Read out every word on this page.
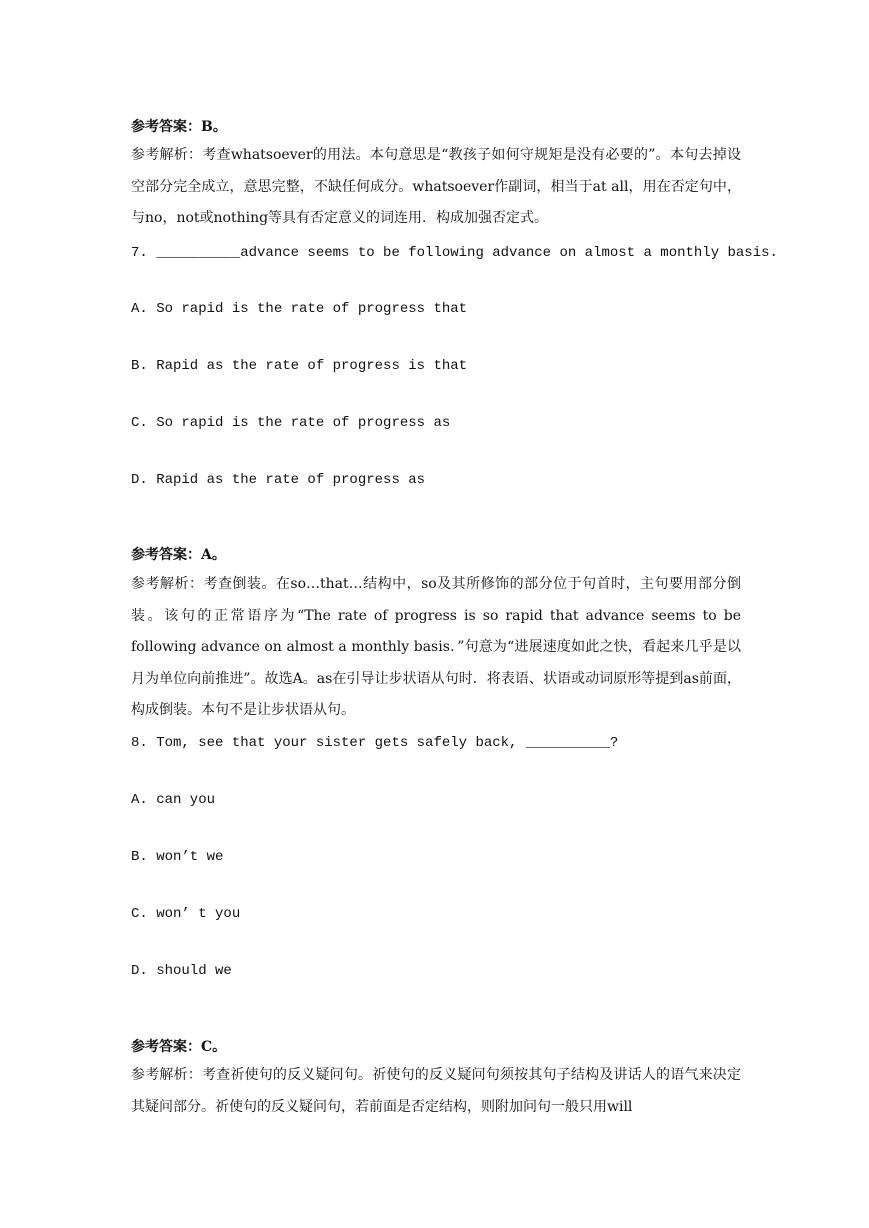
参考答案：B。
参考解析：考查whatsoever的用法。本句意思是“教孩子如何守规矩是没有必要的”。本句去掉设空部分完全成立，意思完整，不缺任何成分。whatsoever作副词，相当于at all，用在否定句中，与no，not或nothing等具有否定意义的词连用．构成加强否定式。
7. __________advance seems to be following advance on almost a monthly basis.
A. So rapid is the rate of progress that
B. Rapid as the rate of progress is that
C. So rapid is the rate of progress as
D. Rapid as the rate of progress as
参考答案：A。
参考解析：考查倒装。在so…that…结构中，so及其所修饰的部分位于句首时，主句要用部分倒装。该句的正常语序为“The rate of progress is so rapid that advance seems to be following advance on almost a monthly basis．”句意为“进展速度如此之快，看起来几乎是以月为单位向前推进”。故选A。as在引导让步状语从句时．将表语、状语或动词原形等提到as前面，构成倒装。本句不是让步状语从句。
8. Tom, see that your sister gets safely back, __________?
A. can you
B. won’t we
C. won’ t you
D. should we
参考答案：C。
参考解析：考查祈使句的反义疑问句。祈使句的反义疑问句须按其句子结构及讲话人的语气来决定其疑问部分。祈使句的反义疑问句，若前面是否定结构，则附加问句一般只用will
